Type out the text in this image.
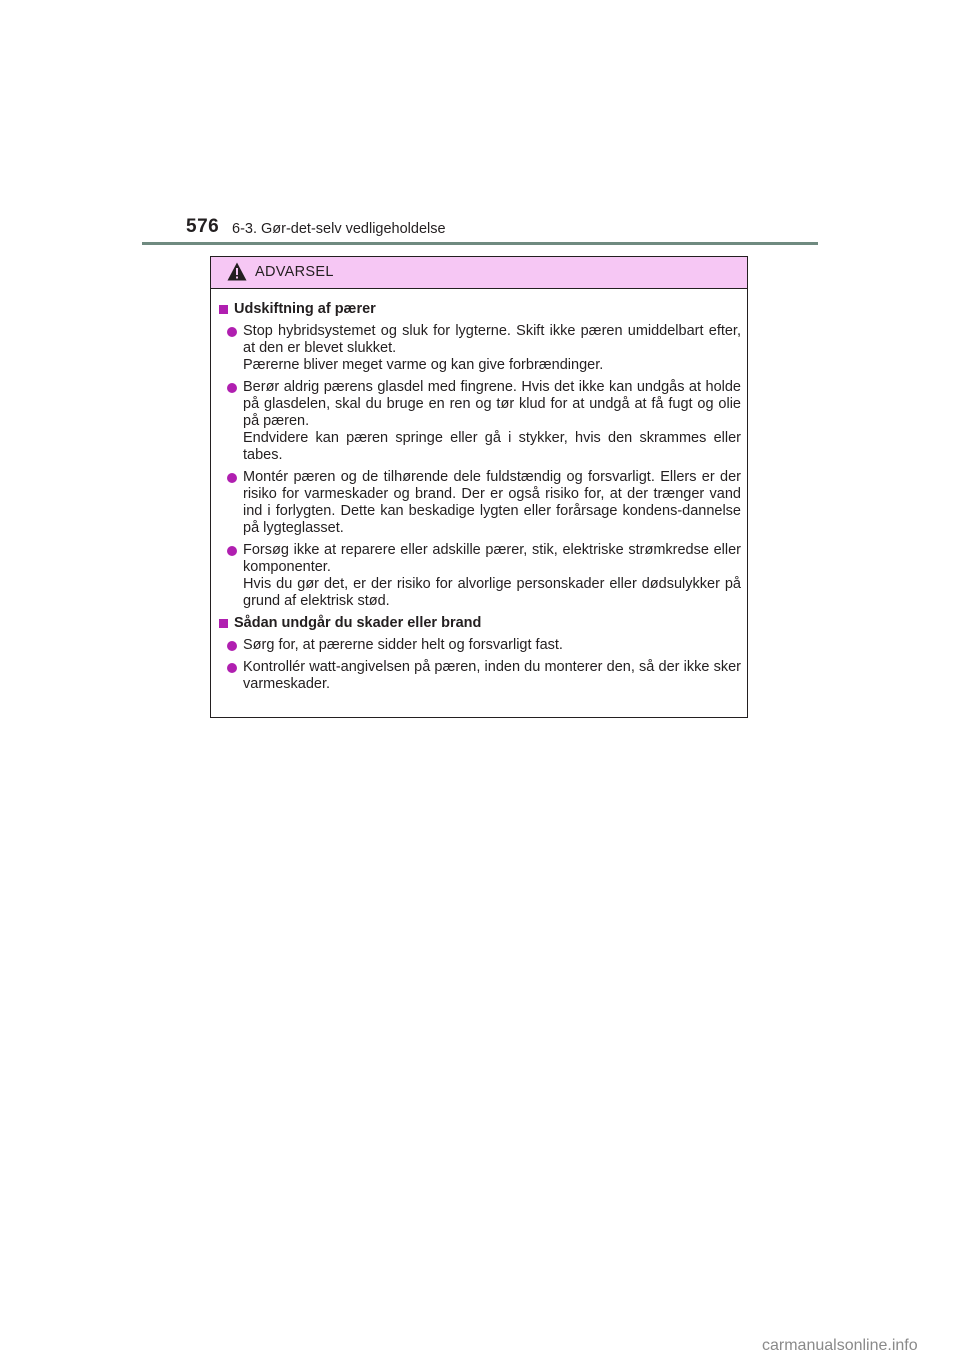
576 6-3. Gør-det-selv vedligeholdelse
ADVARSEL
Udskiftning af pærer

Stop hybridsystemet og sluk for lygterne. Skift ikke pæren umiddelbart efter, at den er blevet slukket.

Pærerne bliver meget varme og kan give forbrændinger.

Berør aldrig pærens glasdel med fingrene. Hvis det ikke kan undgås at holde på glasdelen, skal du bruge en ren og tør klud for at undgå at få fugt og olie på pæren.

Endvidere kan pæren springe eller gå i stykker, hvis den skrammes eller tabes.

Montér pæren og de tilhørende dele fuldstændig og forsvarligt. Ellers er der risiko for varmeskader og brand. Der er også risiko for, at der trænger vand ind i forlygten. Dette kan beskadige lygten eller forårsage kondens-dannelse på lygteglasset.

Forsøg ikke at reparere eller adskille pærer, stik, elektriske strømkredse eller komponenter.

Hvis du gør det, er der risiko for alvorlige personskader eller dødsulykker på grund af elektrisk stød.

Sådan undgår du skader eller brand

Sørg for, at pærerne sidder helt og forsvarligt fast.

Kontrollér watt-angivelsen på pæren, inden du monterer den, så der ikke sker varmeskader.

carmanualsonline.info
